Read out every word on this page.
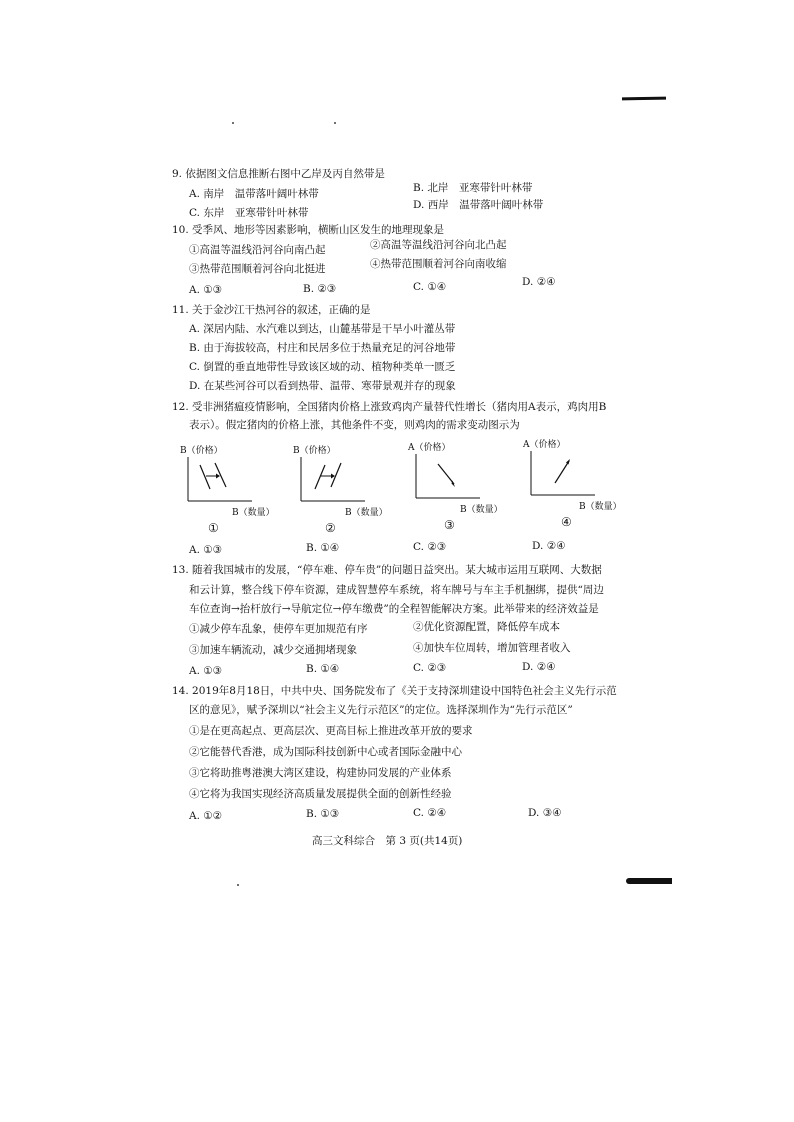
9. 依据图文信息推断右图中乙岸及丙自然带是
A. 南岸　温带落叶阔叶林带	B. 北岸　亚寒带针叶林带
C. 东岸　亚寒带针叶林带
D. 西岸　温带落叶阔叶林带
10. 受季风、地形等因素影响，横断山区发生的地理现象是
①高温等温线沿河谷向南凸起	②高温等温线沿河谷向北凸起
③热带范围顺着河谷向北挺进	④热带范围顺着河谷向南收缩
A. ①③	B. ②③	C. ①④	D. ②④
11. 关于金沙江干热河谷的叙述，正确的是
A. 深居内陆、水汽难以到达，山麓基带是干旱小叶灌丛带
B. 由于海拔较高，村庄和民居多位于热量充足的河谷地带
C. 倒置的垂直地带性导致该区域的动、植物种类单一匮乏
D. 在某些河谷可以看到热带、温带、寒带景观并存的现象
12. 受非洲猪瘟疫情影响，全国猪肉价格上涨致鸡肉产量替代性增长（猪肉用A表示，鸡肉用B
表示）。假定猪肉的价格上涨，其他条件不变，则鸡肉的需求变动图示为
B（价格）
B（数量）
①
B（价格）
B（数量）
②
A（价格）
B（数量）
③
A（价格）
B（数量）
④
A. ①③	B. ①④	C. ②③	D. ②④
13. 随着我国城市的发展，“停车难、停车贵”的问题日益突出。某大城市运用互联网、大数据
和云计算，整合线下停车资源，建成智慧停车系统，将车牌号与车主手机捆绑，提供“周边
车位查询→抬杆放行→导航定位→停车缴费”的全程智能解决方案。此举带来的经济效益是
①减少停车乱象，使停车更加规范有序	②优化资源配置，降低停车成本
③加速车辆流动，减少交通拥堵现象	④加快车位周转，增加管理者收入
A. ①③	B. ①④	C. ②③	D. ②④
14. 2019年8月18日，中共中央、国务院发布了《关于支持深圳建设中国特色社会主义先行示范
区的意见》，赋予深圳以“社会主义先行示范区”的定位。选择深圳作为“先行示范区”
①是在更高起点、更高层次、更高目标上推进改革开放的要求
②它能替代香港，成为国际科技创新中心或者国际金融中心
③它将助推粤港澳大湾区建设，构建协同发展的产业体系
④它将为我国实现经济高质量发展提供全面的创新性经验
A. ①②	B. ①③	C. ②④	D. ③④
高三文科综合　第 3 页(共14页)
